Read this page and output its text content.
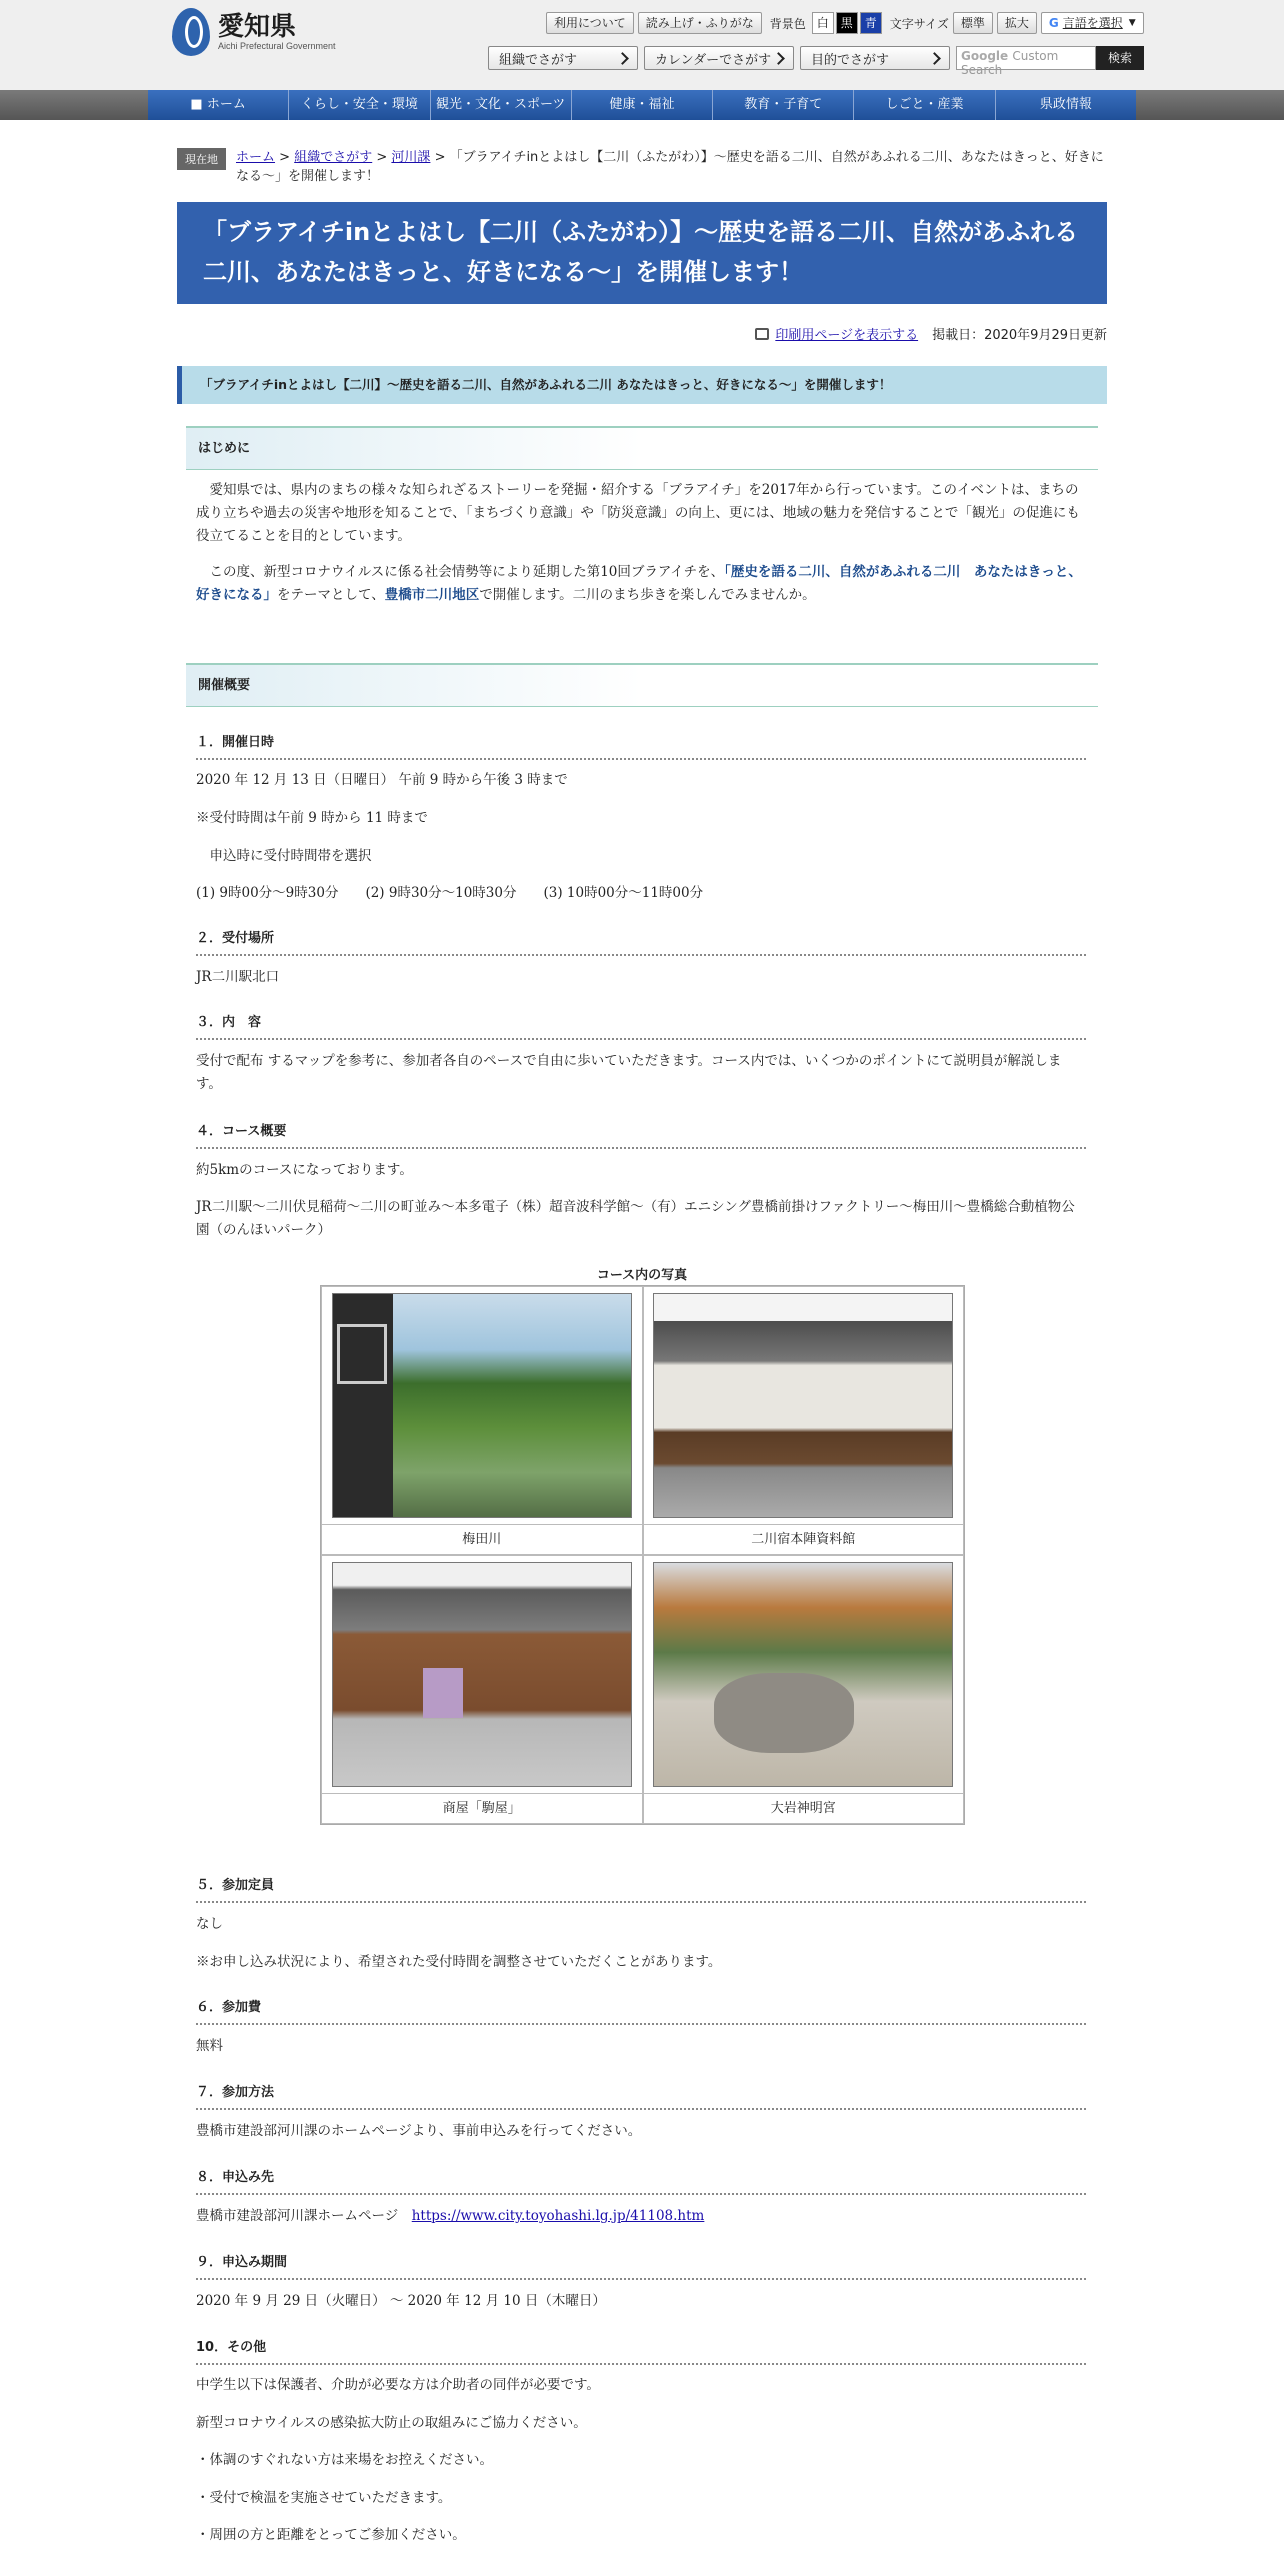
愛知県
Aichi Prefectural Government
利用について	読み上げ・ふりがな	背景色 白 黒 青	文字サイズ	標準	拡大	G 言語を選択 ▼
組織でさがす	カレンダーでさがす	目的でさがす	Google Custom Search
検索
■ ホーム	くらし・安全・環境	観光・文化・スポーツ	健康・福祉	教育・子育て	しごと・産業	県政情報
現在地	ホーム > 組織でさがす > 河川課 > 「ブラアイチinとよはし【二川（ふたがわ）】～歴史を語る二川、自然があふれる二川、あなたはきっと、好きになる～」を開催します！
「ブラアイチinとよはし【二川（ふたがわ）】～歴史を語る二川、自然があふれる二川、あなたはきっと、好きになる～」を開催します！
印刷用ページを表示する 掲載日：2020年9月29日更新
「ブラアイチinとよはし【二川】～歴史を語る二川、自然があふれる二川 あなたはきっと、好きになる～」を開催します！
はじめに

　愛知県では、県内のまちの様々な知られざるストーリーを発掘・紹介する「ブラアイチ」を2017年から行っています。このイベントは、まちの成り立ちや過去の災害や地形を知ることで、「まちづくり意識」や「防災意識」の向上、更には、地域の魅力を発信することで「観光」の促進にも役立てることを目的としています。

　この度、新型コロナウイルスに係る社会情勢等により延期した第10回ブラアイチを、「歴史を語る二川、自然があふれる二川　あなたはきっと、好きになる」をテーマとして、豊橋市二川地区で開催します。二川のまち歩きを楽しんでみませんか。

開催概要
１．開催日時

2020 年 12 月 13 日（日曜日） 午前 9 時から午後 3 時まで

※受付時間は午前 9 時から 11 時まで

　申込時に受付時間帯を選択

(1) 9時00分～9時30分　　(2) 9時30分～10時30分　　(3) 10時00分～11時00分

２．受付場所

JR二川駅北口

３．内　容

受付で配布 するマップを参考に、参加者各自のペースで自由に歩いていただきます。コース内では、いくつかのポイントにて説明員が解説します。

４．コース概要

約5kmのコースになっております。

JR二川駅～二川伏見稲荷～二川の町並み～本多電子（株）超音波科学館～（有）エニシング豊橋前掛けファクトリー～梅田川～豊橋総合動植物公園（のんほいパーク）

コース内の写真
梅田川	二川宿本陣資料館
商屋「駒屋」	大岩神明宮
５．参加定員

なし

※お申し込み状況により、希望された受付時間を調整させていただくことがあります。

６．参加費

無料

７．参加方法

豊橋市建設部河川課のホームページより、事前申込みを行ってください。

８．申込み先

豊橋市建設部河川課ホームページ　https://www.city.toyohashi.lg.jp/41108.htm

９．申込み期間

2020 年 9 月 29 日（火曜日） ～ 2020 年 12 月 10 日（木曜日）

10．その他

中学生以下は保護者、介助が必要な方は介助者の同伴が必要です。

新型コロナウイルスの感染拡大防止の取組みにご協力ください。

・体調のすぐれない方は来場をお控えください。

・受付で検温を実施させていただきます。

・周囲の方と距離をとってご参加ください。
